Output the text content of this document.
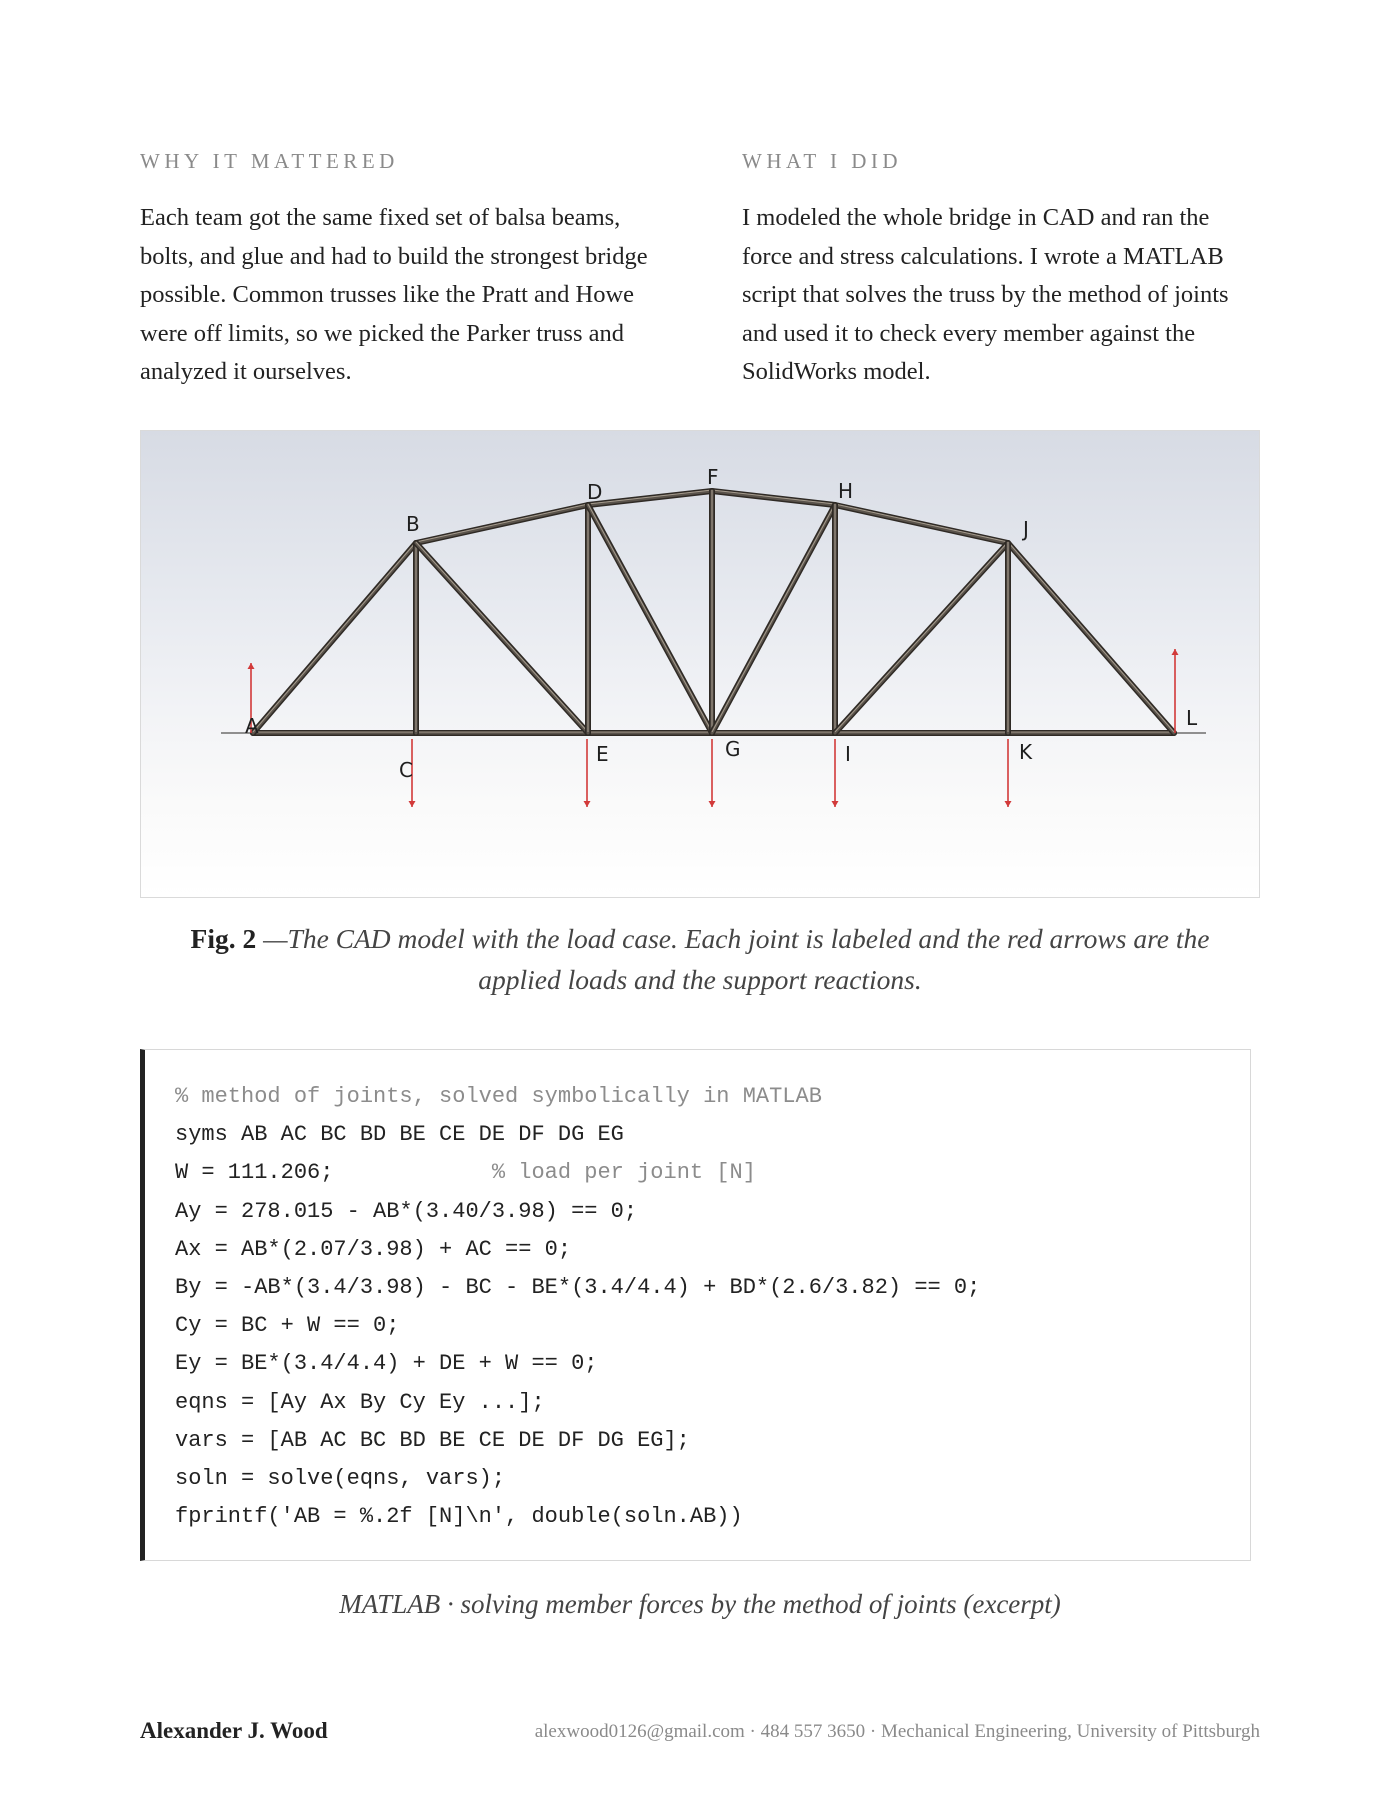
WHY IT MATTERED

Each team got the same fixed set of balsa beams, bolts, and glue and had to build the strongest bridge possible. Common trusses like the Pratt and Howe were off limits, so we picked the Parker truss and analyzed it ourselves.

WHAT I DID

I modeled the whole bridge in CAD and ran the force and stress calculations. I wrote a MATLAB script that solves the truss by the method of joints and used it to check every member against the SolidWorks model.

A
B
C
D
E
F
G
H
I
J
K
L
Fig. 2 —The CAD model with the load case. Each joint is labeled and the red arrows are the applied loads and the support reactions.
% method of joints, solved symbolically in MATLAB
syms AB AC BC BD BE CE DE DF DG EG
W = 111.206;            % load per joint [N]
Ay = 278.015 - AB*(3.40/3.98) == 0;
Ax = AB*(2.07/3.98) + AC == 0;
By = -AB*(3.4/3.98) - BC - BE*(3.4/4.4) + BD*(2.6/3.82) == 0;
Cy = BC + W == 0;
Ey = BE*(3.4/4.4) + DE + W == 0;
eqns = [Ay Ax By Cy Ey ...];
vars = [AB AC BC BD BE CE DE DF DG EG];
soln = solve(eqns, vars);
fprintf('AB = %.2f [N]\n', double(soln.AB))
MATLAB · solving member forces by the method of joints (excerpt)
Alexander J. Wood	alexwood0126@gmail.com · 484 557 3650 · Mechanical Engineering, University of Pittsburgh
